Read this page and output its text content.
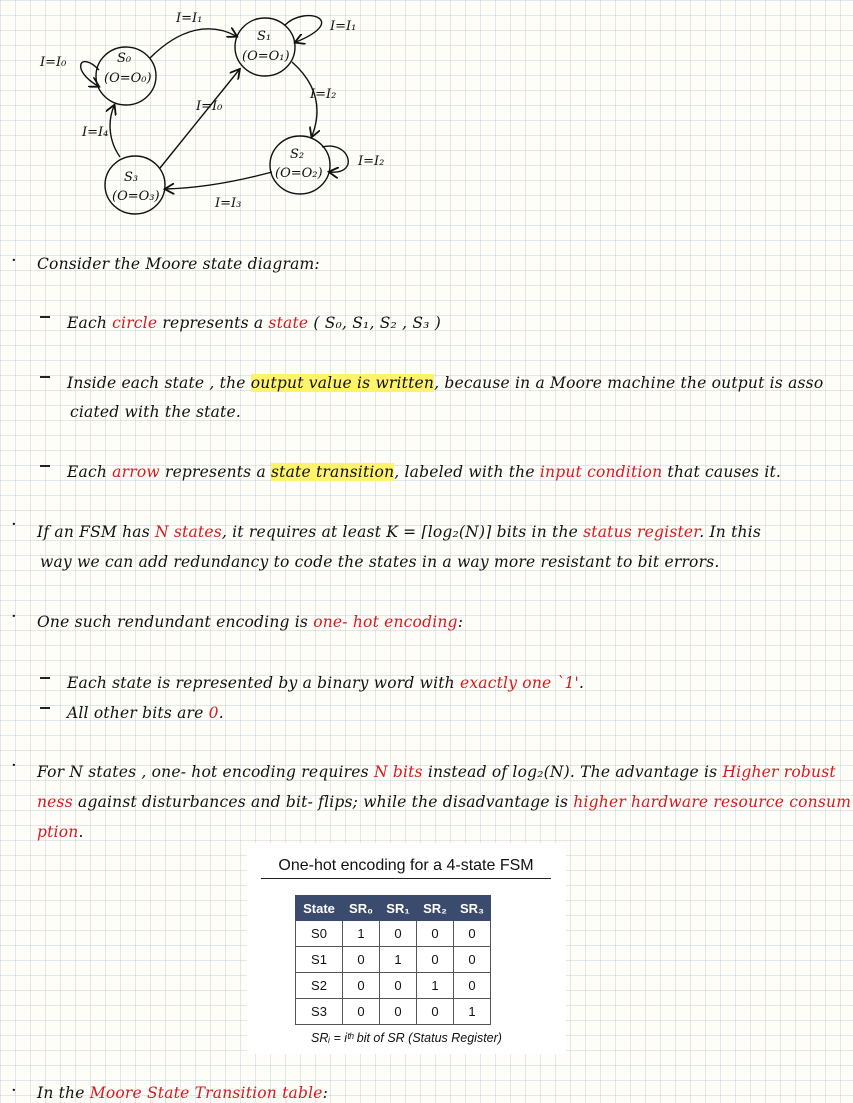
S₀
(O=O₀)
S₁
(O=O₁)
S₂
(O=O₂)
S₃
(O=O₃)
I=I₀
I=I₁
I=I₁
I=I₂
I=I₂
I=I₃
I=I₀
I=I₄
· Consider the Moore state diagram:
Each circle represents a state ( S₀, S₁, S₂ , S₃ )
Inside each state , the output value is written, because in a Moore machine the output is asso
ciated with the state.
Each arrow represents a state transition, labeled with the input condition that causes it.
· If an FSM has N states, it requires at least K = ⌈log₂(N)⌉ bits in the status register. In this
way we can add redundancy to code the states in a way more resistant to bit errors.
· One such rendundant encoding is one- hot encoding:
Each state is represented by a binary word with exactly one `1'.
All other bits are 0.
· For N states , one- hot encoding requires N bits instead of log₂(N). The advantage is Higher robust
ness against disturbances and bit- flips; while the disadvantage is higher hardware resource consum
ption.
One-hot encoding for a 4-state FSM
State	SR₀	SR₁	SR₂	SR₃
S0	1	0	0	0
S1	0	1	0	0
S2	0	0	1	0
S3	0	0	0	1
SRᵢ = iᵗʰ bit of SR (Status Register)
· In the Moore State Transition table:
